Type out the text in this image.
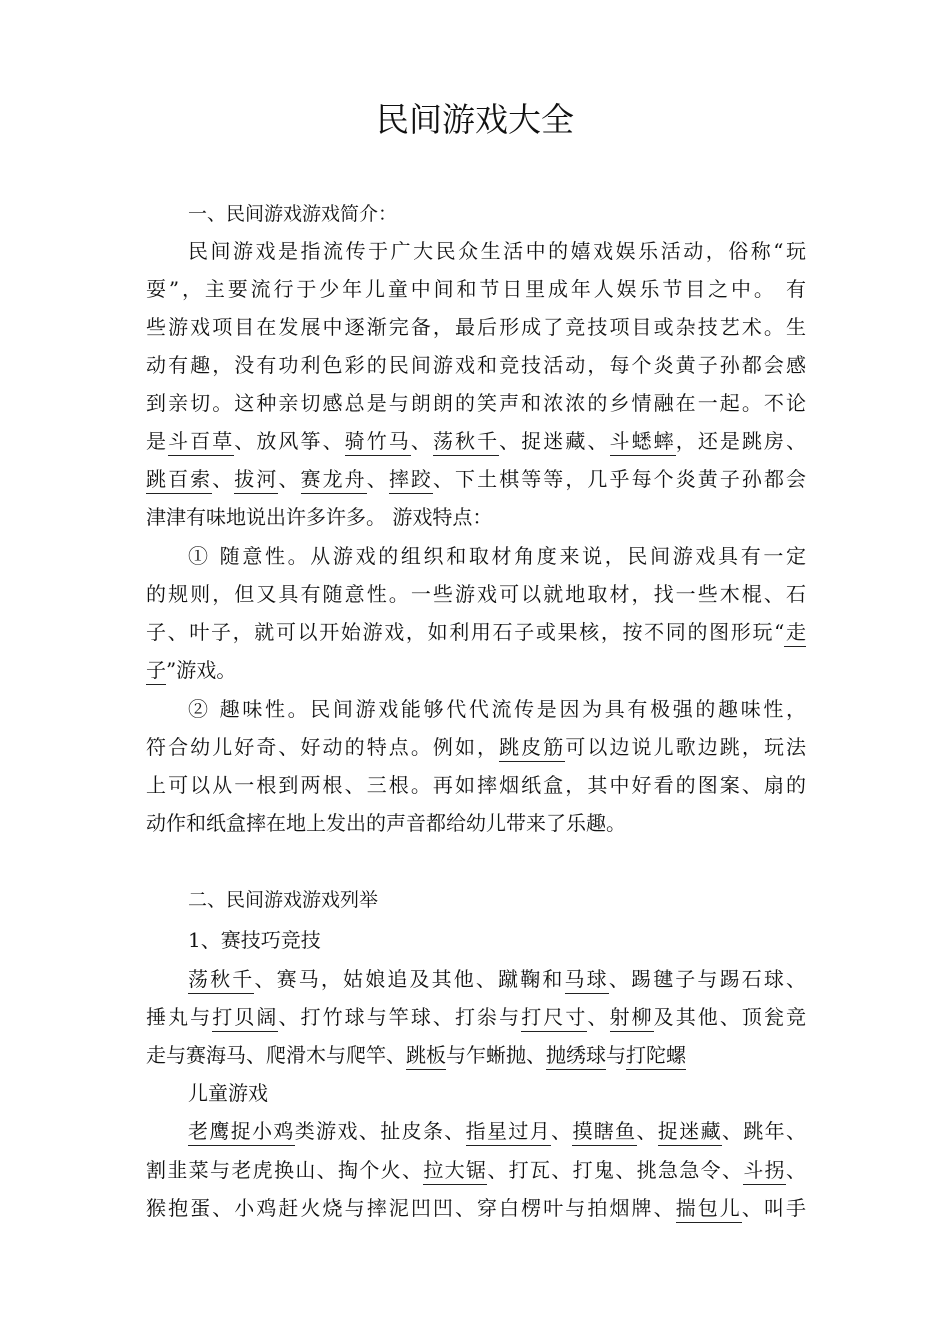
民间游戏大全
一、民间游戏游戏简介：
民间游戏是指流传于广大民众生活中的嬉戏娱乐活动，俗称“玩
耍”，主要流行于少年儿童中间和节日里成年人娱乐节目之中。 有
些游戏项目在发展中逐渐完备，最后形成了竞技项目或杂技艺术。生
动有趣，没有功利色彩的民间游戏和竞技活动，每个炎黄子孙都会感
到亲切。这种亲切感总是与朗朗的笑声和浓浓的乡情融在一起。不论
是斗百草、放风筝、骑竹马、荡秋千、捉迷藏、斗蟋蟀，还是跳房、
跳百索、拔河、赛龙舟、摔跤、下土棋等等，几乎每个炎黄子孙都会
津津有味地说出许多许多。 游戏特点：
① 随意性。从游戏的组织和取材角度来说，民间游戏具有一定
的规则，但又具有随意性。一些游戏可以就地取材，找一些木棍、石
子、叶子，就可以开始游戏，如利用石子或果核，按不同的图形玩“走
子”游戏。
② 趣味性。民间游戏能够代代流传是因为具有极强的趣味性，
符合幼儿好奇、好动的特点。例如，跳皮筋可以边说儿歌边跳，玩法
上可以从一根到两根、三根。再如摔烟纸盒，其中好看的图案、扇的
动作和纸盒摔在地上发出的声音都给幼儿带来了乐趣。
二、民间游戏游戏列举
1、赛技巧竞技
荡秋千、赛马，姑娘追及其他、蹴鞠和马球、踢毽子与踢石球、
捶丸与打贝阔、打竹球与竿球、打尜与打尺寸、射柳及其他、顶瓮竞
走与赛海马、爬滑木与爬竿、跳板与乍蜥抛、抛绣球与打陀螺
儿童游戏
老鹰捉小鸡类游戏、扯皮条、指星过月、摸瞎鱼、捉迷藏、跳年、
割韭菜与老虎换山、掏个火、拉大锯、打瓦、打鬼、挑急急令、斗拐、
猴抱蛋、小鸡赶火烧与摔泥凹凹、穿白楞叶与拍烟牌、揣包儿、叫手
